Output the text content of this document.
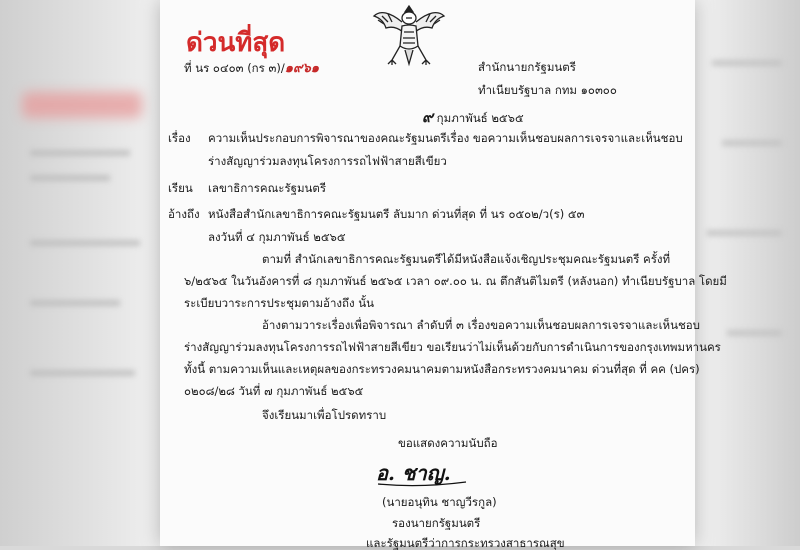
ด่วนที่สุด
ที่ นร ๐๔๐๓ (กร ๓)/๑๙๖๑	สำนักนายกรัฐมนตรี
ทำเนียบรัฐบาล กทม ๑๐๓๐๐
๙ กุมภาพันธ์ ๒๕๖๕
เรื่อง ความเห็นประกอบการพิจารณาของคณะรัฐมนตรีเรื่อง ขอความเห็นชอบผลการเจรจาและเห็นชอบ
ร่างสัญญาร่วมลงทุนโครงการรถไฟฟ้าสายสีเขียว
เรียน เลขาธิการคณะรัฐมนตรี
อ้างถึง หนังสือสำนักเลขาธิการคณะรัฐมนตรี ลับมาก ด่วนที่สุด ที่ นร ๐๕๐๒/ว(ร) ๕๓
ลงวันที่ ๔ กุมภาพันธ์ ๒๕๖๕
ตามที่ สำนักเลขาธิการคณะรัฐมนตรีได้มีหนังสือแจ้งเชิญประชุมคณะรัฐมนตรี ครั้งที่
๖/๒๕๖๕ ในวันอังคารที่ ๘ กุมภาพันธ์ ๒๕๖๕ เวลา ๐๙.๐๐ น. ณ ตึกสันติไมตรี (หลังนอก) ทำเนียบรัฐบาล โดยมี
ระเบียบวาระการประชุมตามอ้างถึง นั้น
อ้างตามวาระเรื่องเพื่อพิจารณา ลำดับที่ ๓ เรื่องขอความเห็นชอบผลการเจรจาและเห็นชอบ
ร่างสัญญาร่วมลงทุนโครงการรถไฟฟ้าสายสีเขียว ขอเรียนว่าไม่เห็นด้วยกับการดำเนินการของกรุงเทพมหานคร
ทั้งนี้ ตามความเห็นและเหตุผลของกระทรวงคมนาคมตามหนังสือกระทรวงคมนาคม ด่วนที่สุด ที่ คค (ปคร)
๐๒๐๘/๒๘ วันที่ ๗ กุมภาพันธ์ ๒๕๖๕
จึงเรียนมาเพื่อโปรดทราบ
ขอแสดงความนับถือ
อ. ชาญ.
(นายอนุทิน ชาญวีรกูล)
รองนายกรัฐมนตรี
และรัฐมนตรีว่าการกระทรวงสาธารณสุข
